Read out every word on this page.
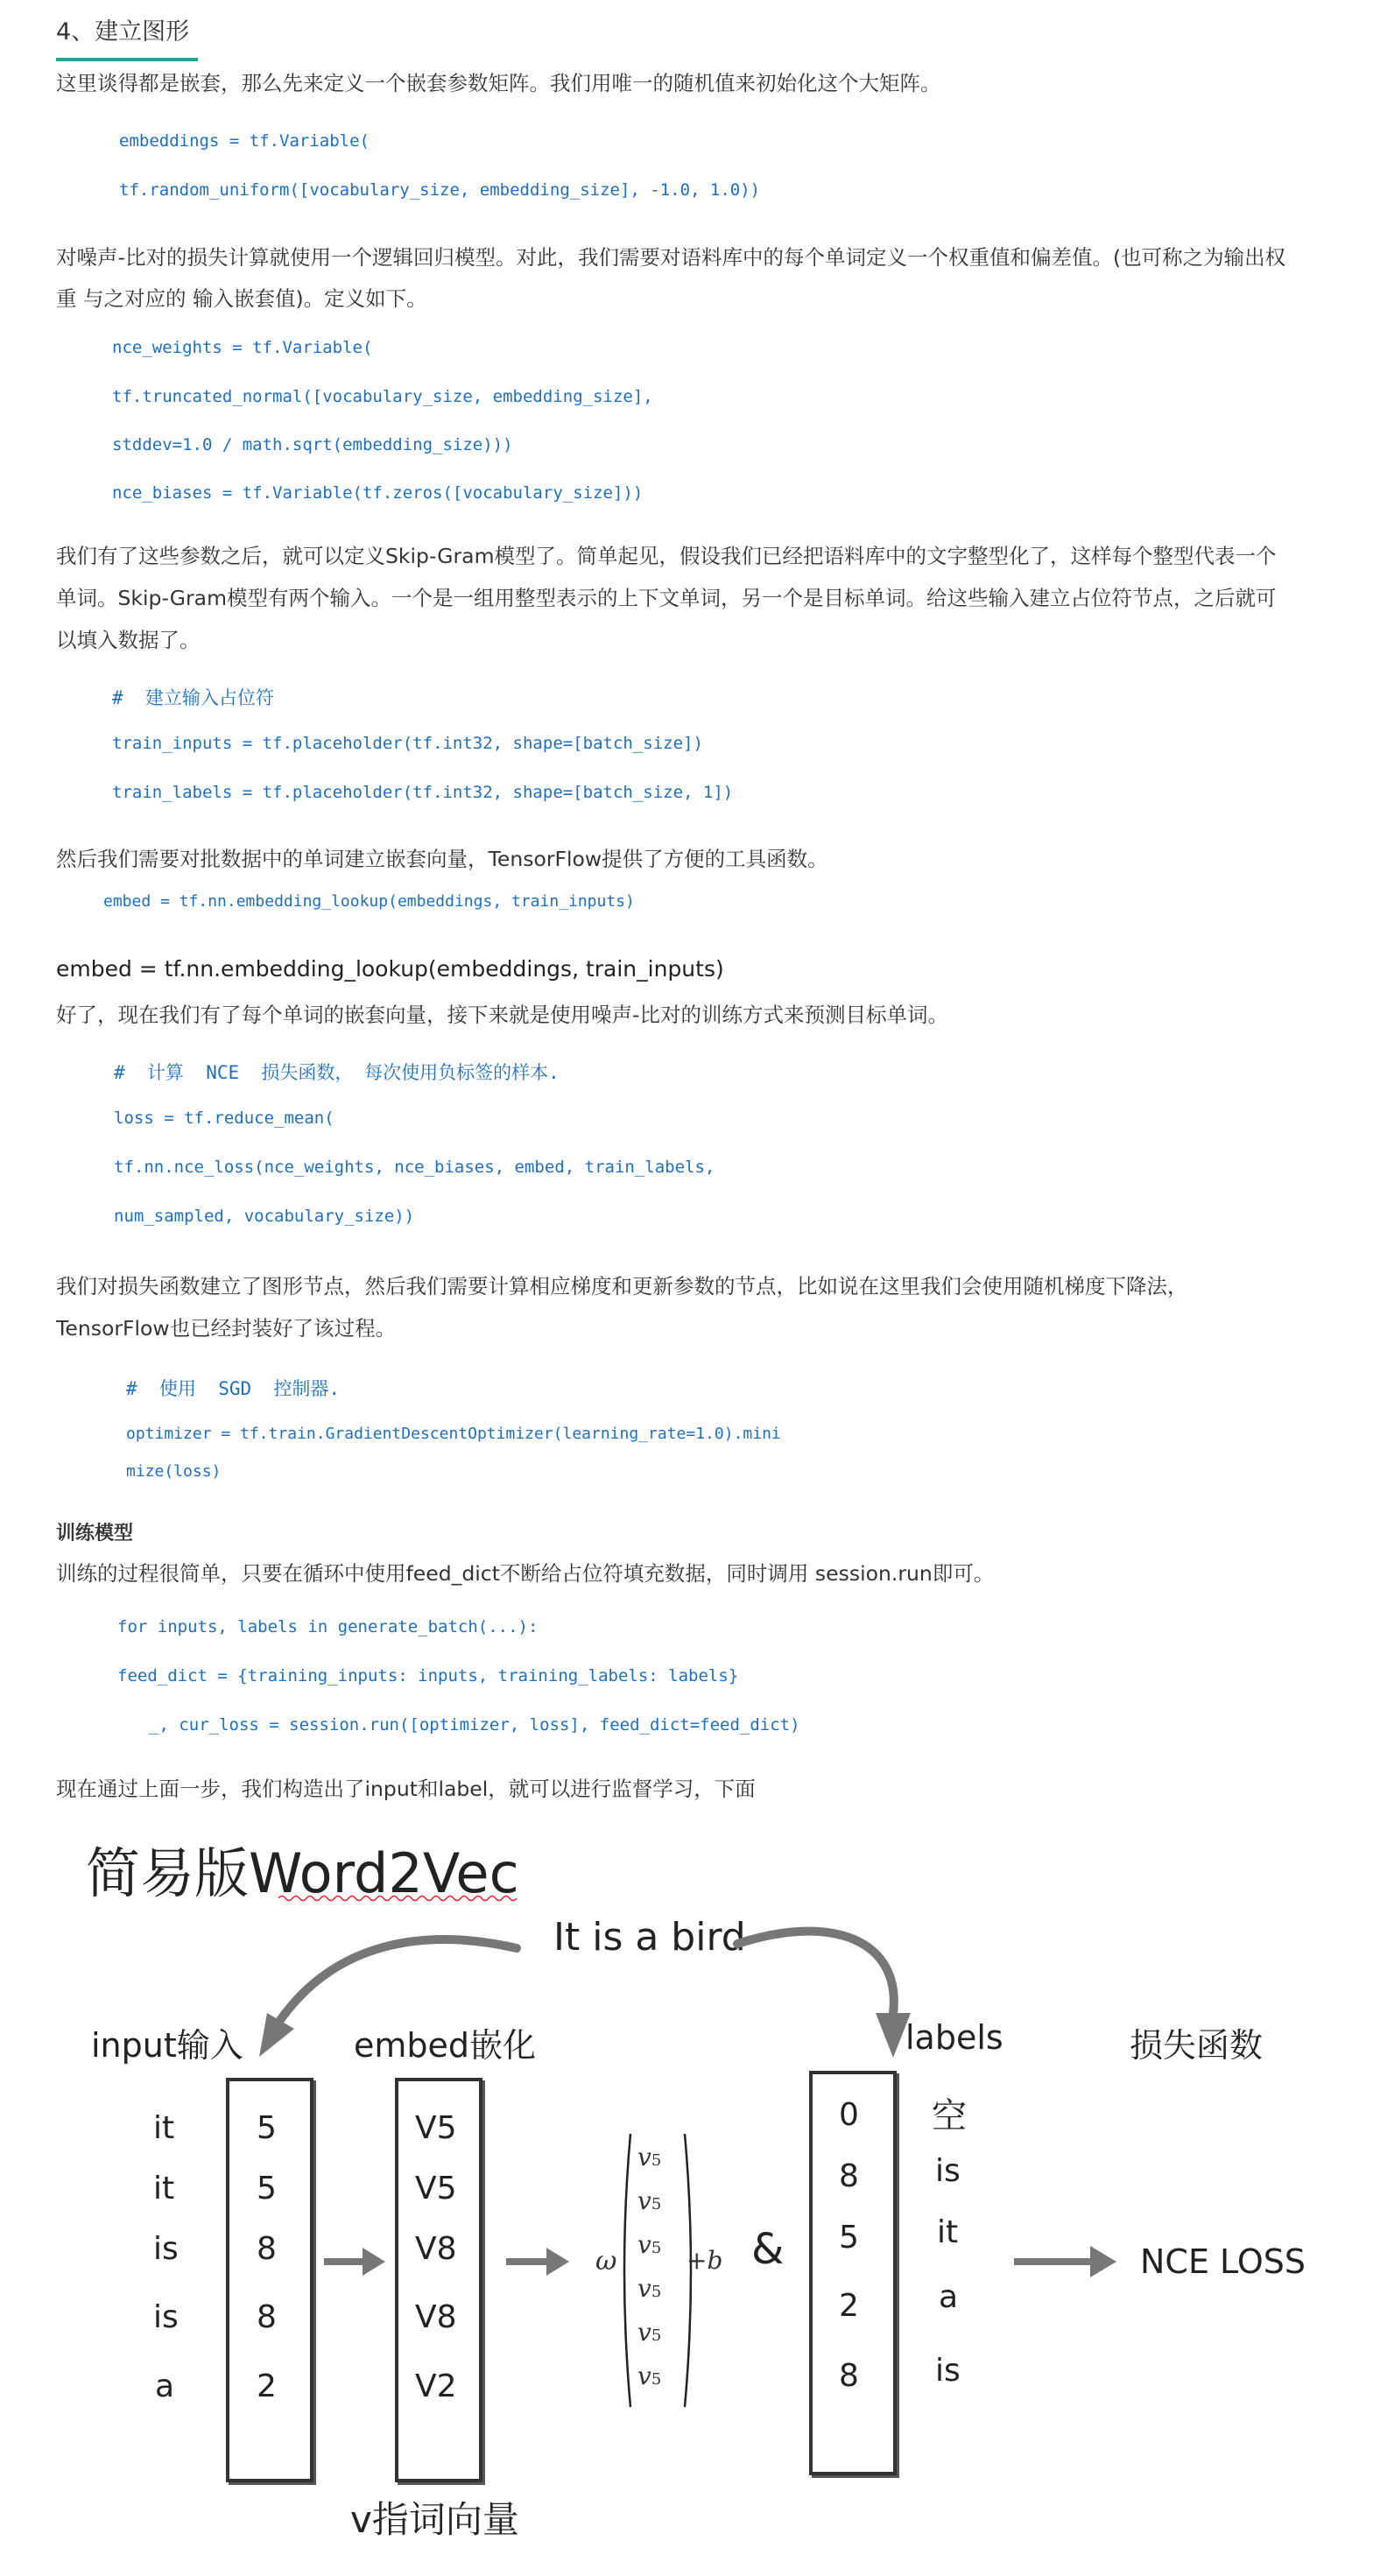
4、建立图形
这里谈得都是嵌套，那么先来定义一个嵌套参数矩阵。我们用唯一的随机值来初始化这个大矩阵。
embeddings = tf.Variable(
tf.random_uniform([vocabulary_size, embedding_size], -1.0, 1.0))
对噪声-比对的损失计算就使用一个逻辑回归模型。对此，我们需要对语料库中的每个单词定义一个权重值和偏差值。(也可称之为输出权
重 与之对应的 输入嵌套值)。定义如下。
nce_weights = tf.Variable(
tf.truncated_normal([vocabulary_size, embedding_size],
stddev=1.0 / math.sqrt(embedding_size)))
nce_biases = tf.Variable(tf.zeros([vocabulary_size]))
我们有了这些参数之后，就可以定义Skip-Gram模型了。简单起见，假设我们已经把语料库中的文字整型化了，这样每个整型代表一个
单词。Skip-Gram模型有两个输入。一个是一组用整型表示的上下文单词，另一个是目标单词。给这些输入建立占位符节点，之后就可
以填入数据了。
#  建立输入占位符
train_inputs = tf.placeholder(tf.int32, shape=[batch_size])
train_labels = tf.placeholder(tf.int32, shape=[batch_size, 1])
然后我们需要对批数据中的单词建立嵌套向量，TensorFlow提供了方便的工具函数。
embed = tf.nn.embedding_lookup(embeddings, train_inputs)

embed = tf.nn.embedding_lookup(embeddings, train_inputs)
好了，现在我们有了每个单词的嵌套向量，接下来就是使用噪声-比对的训练方式来预测目标单词。
#  计算  NCE  损失函数， 每次使用负标签的样本.
loss = tf.reduce_mean(
tf.nn.nce_loss(nce_weights, nce_biases, embed, train_labels,
num_sampled, vocabulary_size))
我们对损失函数建立了图形节点，然后我们需要计算相应梯度和更新参数的节点，比如说在这里我们会使用随机梯度下降法，
TensorFlow也已经封装好了该过程。
#  使用  SGD  控制器.
optimizer = tf.train.GradientDescentOptimizer(learning_rate=1.0).mini
mize(loss)
训练模型
训练的过程很简单，只要在循环中使用feed_dict不断给占位符填充数据，同时调用 session.run即可。
for inputs, labels in generate_batch(...):
feed_dict = {training_inputs: inputs, training_labels: labels}
_, cur_loss = session.run([optimizer, loss], feed_dict=feed_dict)
现在通过上面一步，我们构造出了input和label，就可以进行监督学习，下面
简易版Word2Vec
It is a bird
input输入	embed嵌化	labels	损失函数
it
it
is
is
a
5
5
8
8
2
V5
V5
V8
V8
V2
ω
v5
v5
v5
v5
v5
v5
+b &
0
8
5
2
8
空
is
it
a
is
NCE LOSS
v指词向量
